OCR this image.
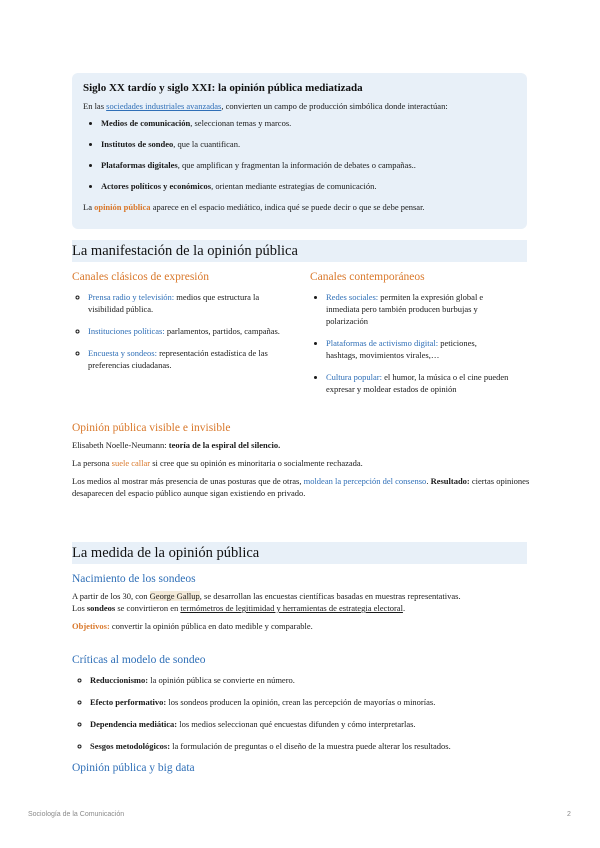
Siglo XX tardío y siglo XXI: la opinión pública mediatizada

En las sociedades industriales avanzadas, convierten un campo de producción simbólica donde interactúan:

• Medios de comunicación, seleccionan temas y marcos.
• Institutos de sondeo, que la cuantifican.
• Plataformas digitales, que amplifican y fragmentan la información de debates o campañas..
• Actores políticos y económicos, orientan mediante estrategias de comunicación.

La opinión pública aparece en el espacio mediático, indica qué se puede decir o que se debe pensar.

La manifestación de la opinión pública
Canales clásicos de expresión
◦ Prensa radio y televisión: medios que estructura la visibilidad pública.
◦ Instituciones políticas: parlamentos, partidos, campañas.
◦ Encuesta y sondeos: representación estadística de las preferencias ciudadanas.
Canales contemporáneos
• Redes sociales: permiten la expresión global e inmediata pero también producen burbujas y polarización
• Plataformas de activismo digital: peticiones, hashtags, movimientos virales,…
• Cultura popular: el humor, la música o el cine pueden expresar y moldear estados de opinión
Opinión pública visible e invisible

Elisabeth Noelle-Neumann: teoría de la espiral del silencio.

La persona suele callar si cree que su opinión es minoritaria o socialmente rechazada.

Los medios al mostrar más presencia de unas posturas que de otras, moldean la percepción del consenso. Resultado: ciertas opiniones desaparecen del espacio público aunque sigan existiendo en privado.

La medida de la opinión pública
Nacimiento de los sondeos

A partir de los 30, con George Gallup, se desarrollan las encuestas científicas basadas en muestras representativas.

Los sondeos se convirtieron en termómetros de legitimidad y herramientas de estrategia electoral.

Objetivos: convertir la opinión pública en dato medible y comparable.

Críticas al modelo de sondeo
◦ Reduccionismo: la opinión pública se convierte en número.
◦ Efecto performativo: los sondeos producen la opinión, crean las percepción de mayorías o minorías.
◦ Dependencia mediática: los medios seleccionan qué encuestas difunden y cómo interpretarlas.
◦ Sesgos metodológicos: la formulación de preguntas o el diseño de la muestra puede alterar los resultados.
Opinión pública y big data
Sociología de la Comunicación	2
